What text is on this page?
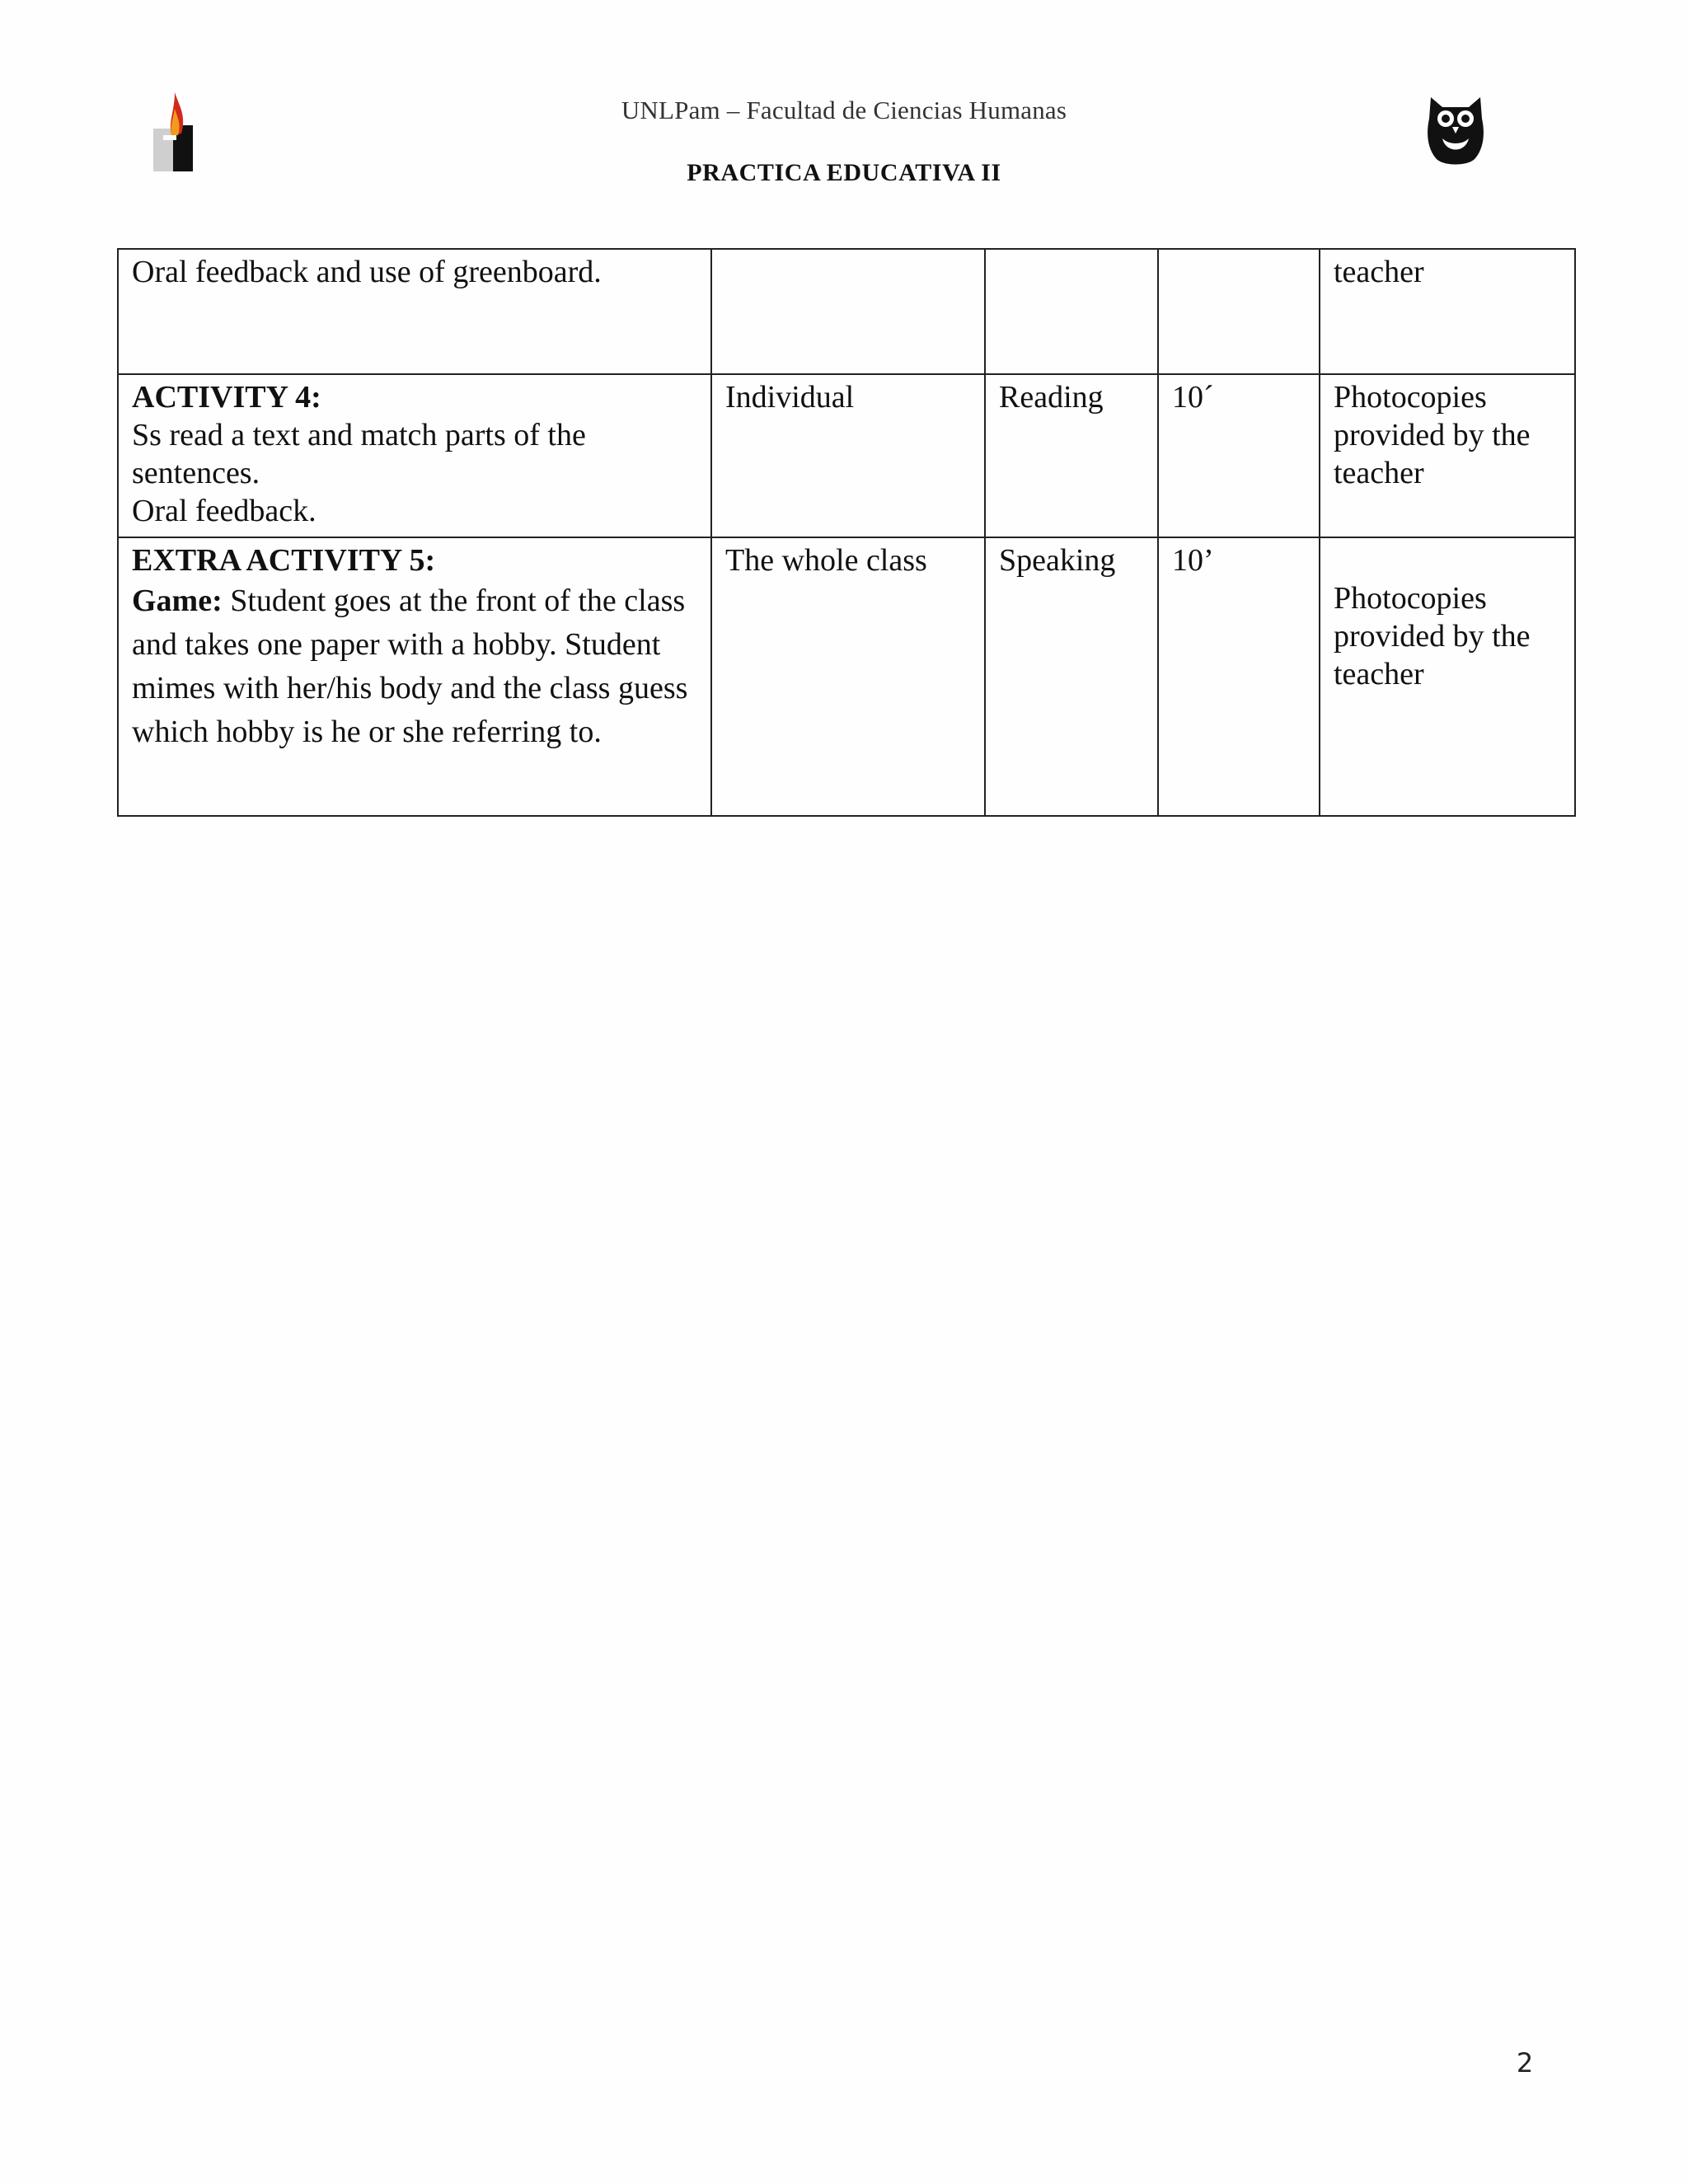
UNLPam – Facultad de Ciencias Humanas
PRACTICA EDUCATIVA II
Oral feedback and use of greenboard.				teacher

ACTIVITY 4:
Ss read a text and match parts of the
sentences.
Oral feedback.	Individual	Reading	10´	Photocopies provided by the teacher

EXTRA ACTIVITY 5:
Game: Student goes at the front of the class and takes one paper with a hobby. Student mimes with her/his body and the class guess which hobby is he or she referring to.	The whole class	Speaking	10’	Photocopies provided by the teacher
2
